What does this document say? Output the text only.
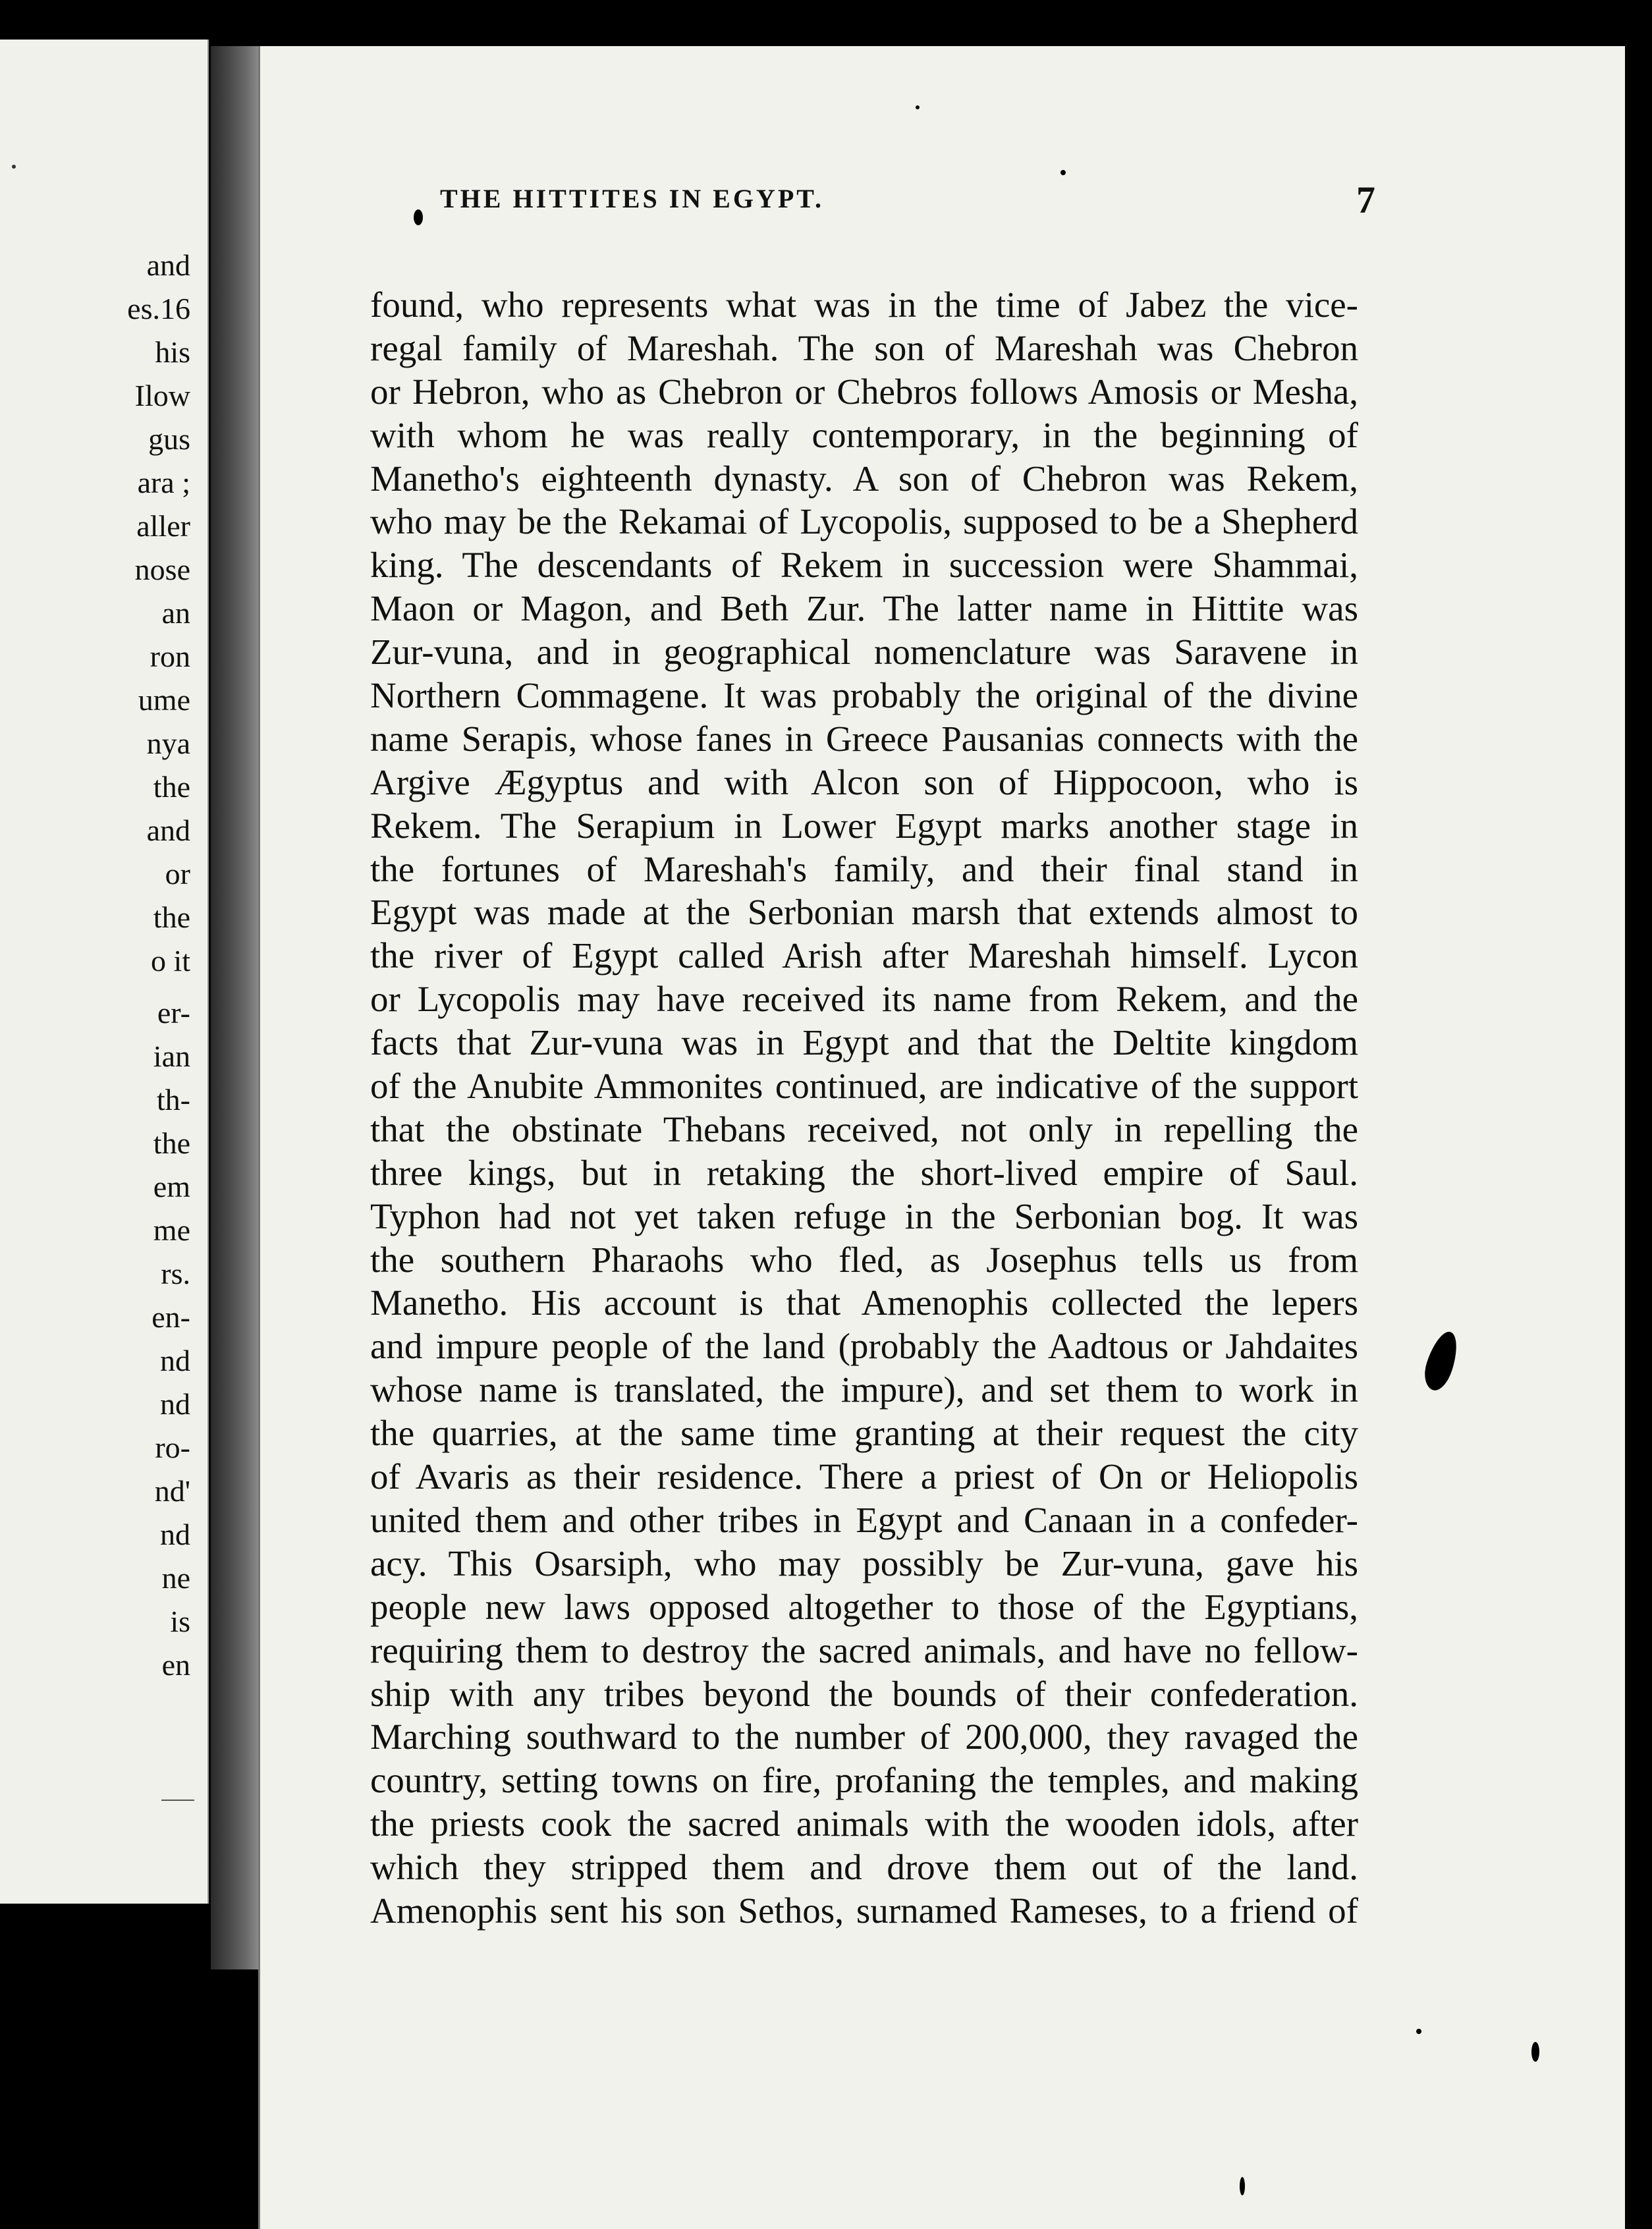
and
es.16
his
Ilow
gus
ara ;
aller
nose
an
ron
ume
nya
the
and
or
the
o it
er-
ian
th-
the
em
me
rs.
en-
nd
nd
ro-
nd'
nd
ne
is
en
THE HITTITES IN EGYPT.	7
found, who represents what was in the time of Jabez the vice-
regal family of Mareshah. The son of Mareshah was Chebron
or Hebron, who as Chebron or Chebros follows Amosis or Mesha,
with whom he was really contemporary, in the beginning of
Manetho's eighteenth dynasty. A son of Chebron was Rekem,
who may be the Rekamai of Lycopolis, supposed to be a Shepherd
king. The descendants of Rekem in succession were Shammai,
Maon or Magon, and Beth Zur. The latter name in Hittite was
Zur-vuna, and in geographical nomenclature was Saravene in
Northern Commagene. It was probably the original of the divine
name Serapis, whose fanes in Greece Pausanias connects with the
Argive Ægyptus and with Alcon son of Hippocoon, who is
Rekem. The Serapium in Lower Egypt marks another stage in
the fortunes of Mareshah's family, and their final stand in
Egypt was made at the Serbonian marsh that extends almost to
the river of Egypt called Arish after Mareshah himself. Lycon
or Lycopolis may have received its name from Rekem, and the
facts that Zur-vuna was in Egypt and that the Deltite kingdom
of the Anubite Ammonites continued, are indicative of the support
that the obstinate Thebans received, not only in repelling the
three kings, but in retaking the short-lived empire of Saul.
Typhon had not yet taken refuge in the Serbonian bog. It was
the southern Pharaohs who fled, as Josephus tells us from
Manetho. His account is that Amenophis collected the lepers
and impure people of the land (probably the Aadtous or Jahdaites
whose name is translated, the impure), and set them to work in
the quarries, at the same time granting at their request the city
of Avaris as their residence. There a priest of On or Heliopolis
united them and other tribes in Egypt and Canaan in a confeder-
acy. This Osarsiph, who may possibly be Zur-vuna, gave his
people new laws opposed altogether to those of the Egyptians,
requiring them to destroy the sacred animals, and have no fellow-
ship with any tribes beyond the bounds of their confederation.
Marching southward to the number of 200,000, they ravaged the
country, setting towns on fire, profaning the temples, and making
the priests cook the sacred animals with the wooden idols, after
which they stripped them and drove them out of the land.
Amenophis sent his son Sethos, surnamed Rameses, to a friend of
